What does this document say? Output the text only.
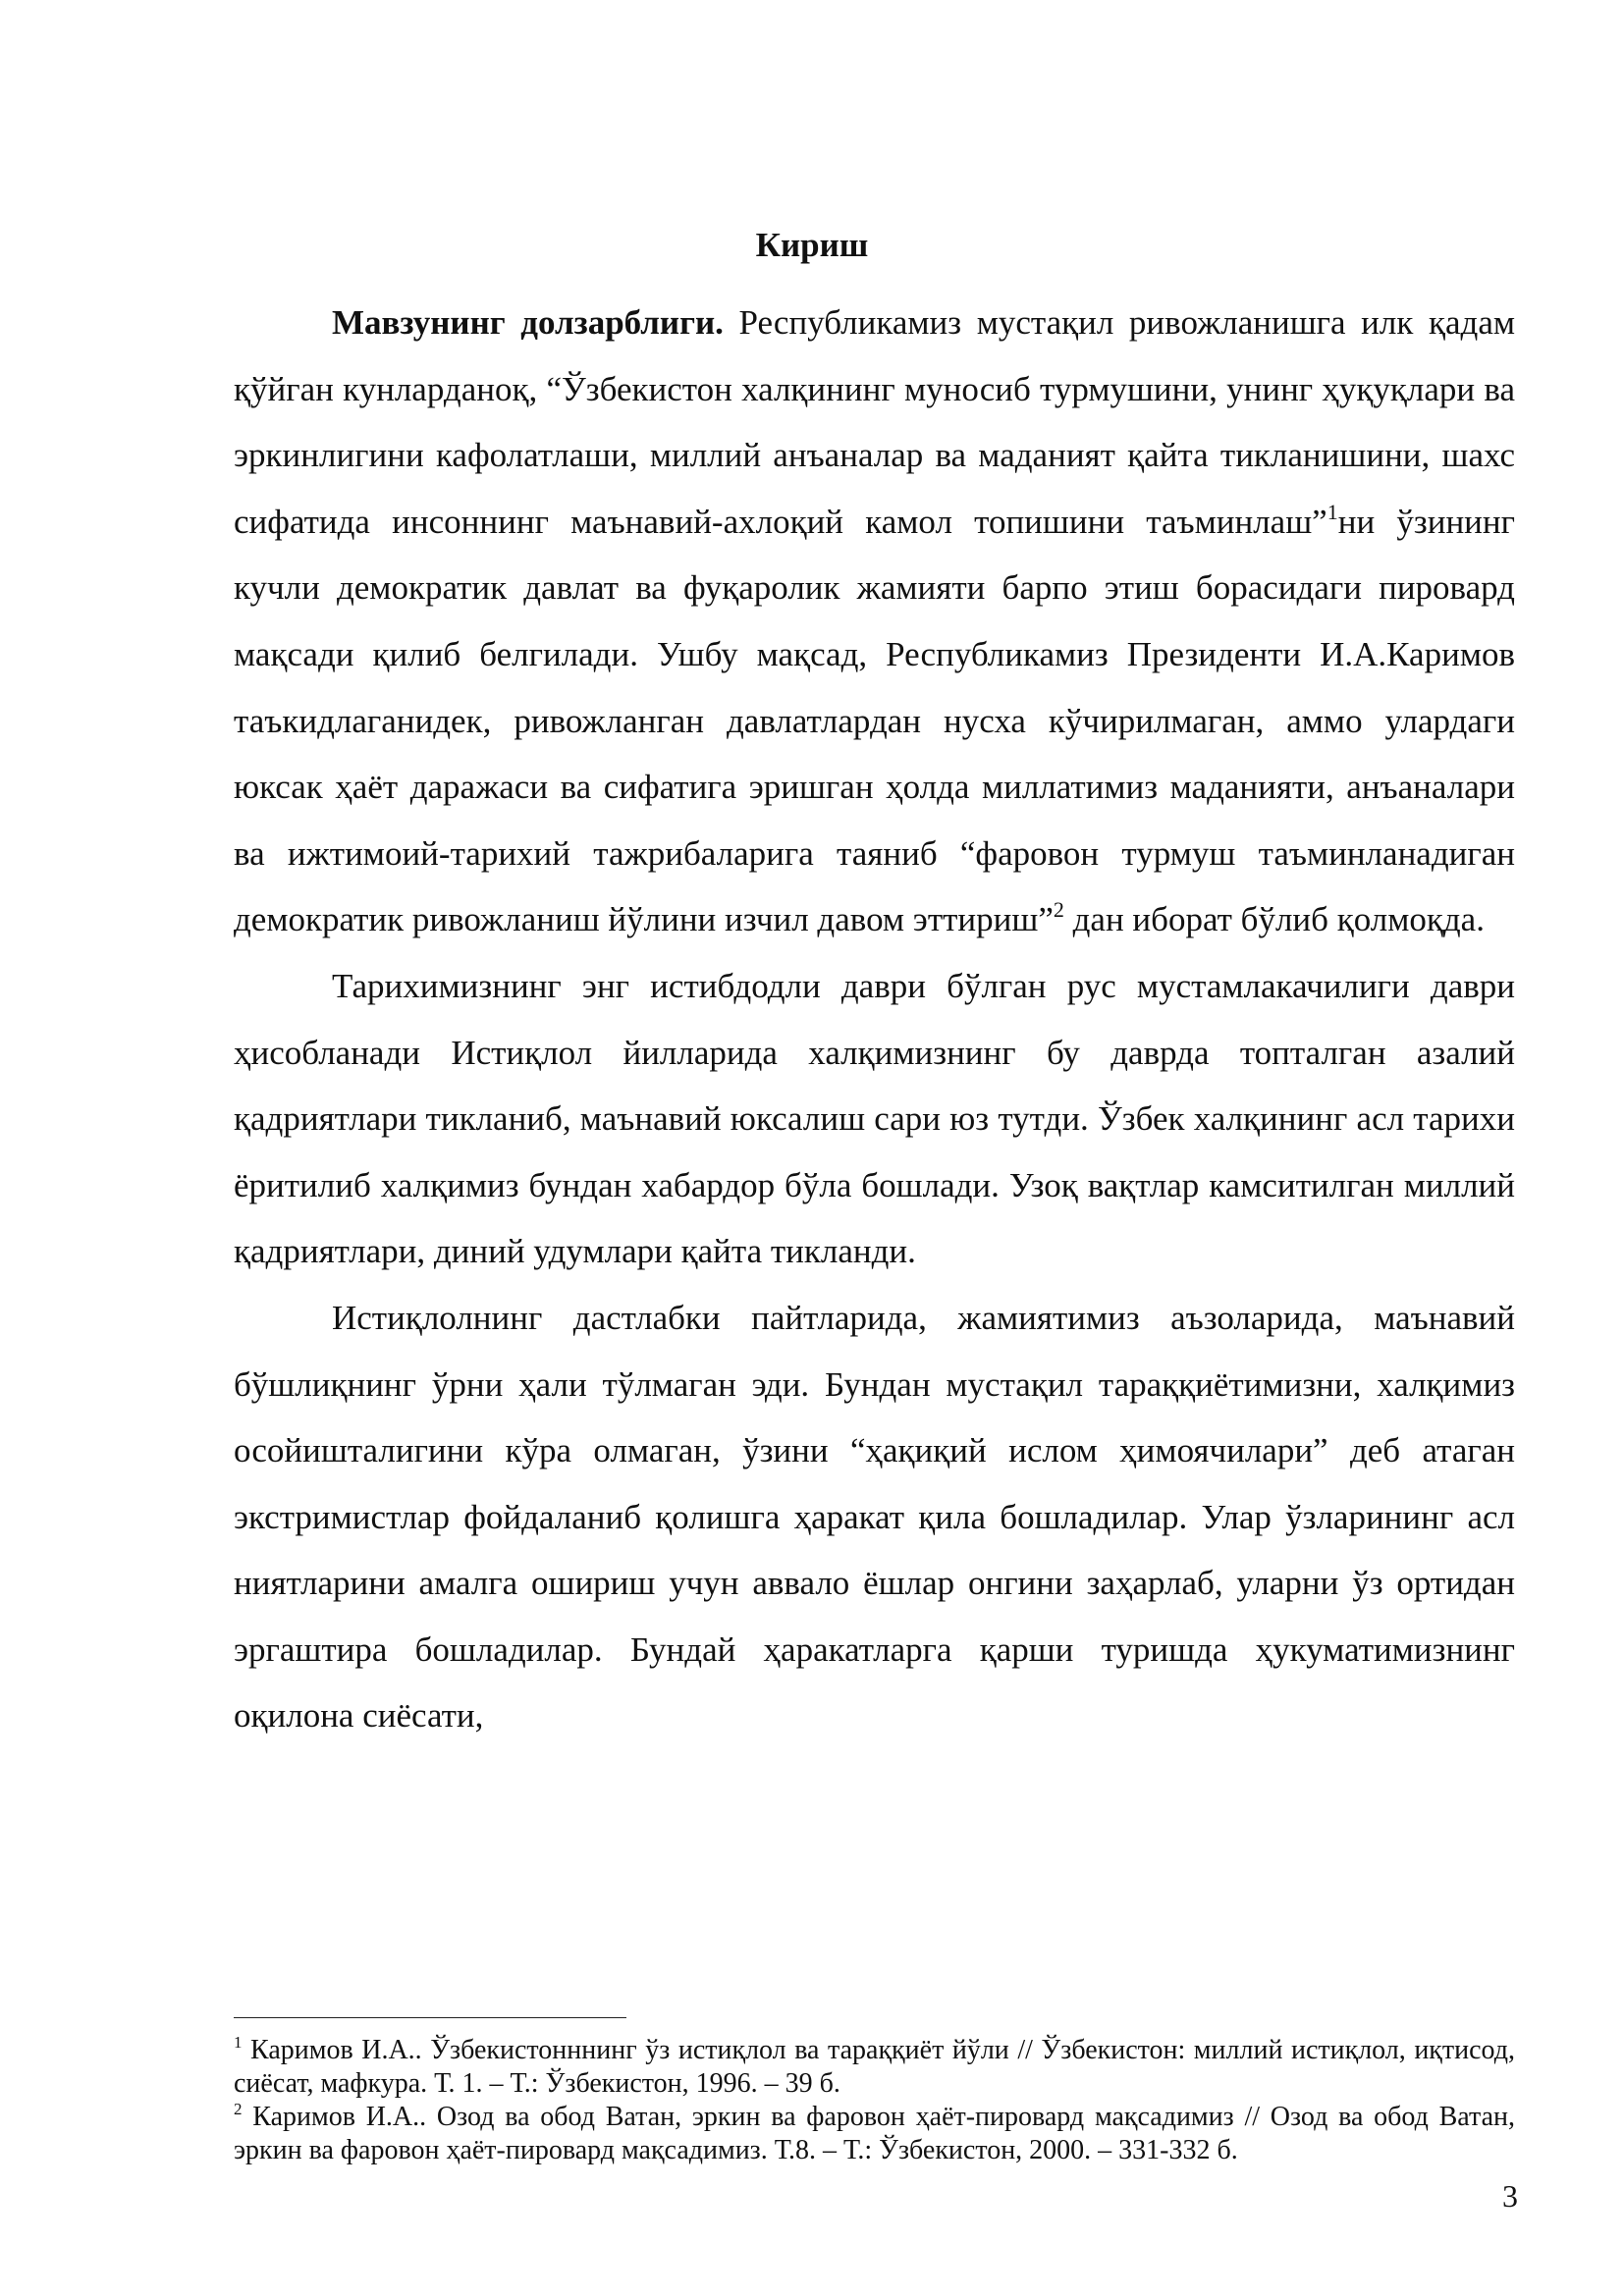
Кириш

Мавзунинг долзарблиги. Республикамиз мустақил ривожланишга илк қадам қўйган кунларданоқ, “Ўзбекистон халқининг муносиб турмушини, унинг ҳуқуқлари ва эркинлигини кафолатлаши, миллий анъаналар ва маданият қайта тикланишини, шахс сифатида инсоннинг маънавий-ахлоқий камол топишини таъминлаш”$^1$ни ўзининг кучли демократик давлат ва фуқаролик жамияти барпо этиш борасидаги пировард мақсади қилиб белгилади. Ушбу мақсад, Республикамиз Президенти И.А.Каримов таъкидлаганидек, ривожланган давлатлардан нусха кўчирилмаган, аммо улардаги юксак ҳаёт даражаси ва сифатига эришган ҳолда миллатимиз маданияти, анъаналари ва ижтимоий-тарихий тажрибаларига таяниб “фаровон турмуш таъминланадиган демократик ривожланиш йўлини изчил давом эттириш”$^2$ дан иборат бўлиб қолмоқда.

Тарихимизнинг энг истибдодли даври бўлган рус мустамлакачилиги даври ҳисобланади Истиқлол йилларида халқимизнинг бу даврда топталган азалий қадриятлари тикланиб, маънавий юксалиш сари юз тутди. Ўзбек халқининг асл тарихи ёритилиб халқимиз бундан хабардор бўла бошлади. Узоқ вақтлар камситилган миллий қадриятлари, диний удумлари қайта тикланди.

Истиқлолнинг дастлабки пайтларида, жамиятимиз аъзоларида, маънавий бўшлиқнинг ўрни ҳали тўлмаган эди. Бундан мустақил тараққиётимизни, халқимиз осойишталигини кўра олмаган, ўзини “ҳақиқий ислом ҳимоячилари” деб атаган экстримистлар фойдаланиб қолишга ҳаракат қила бошладилар. Улар ўзларининг асл ниятларини амалга ошириш учун аввало ёшлар онгини заҳарлаб, уларни ўз ортидан эргаштира бошладилар. Бундай ҳаракатларга қарши туришда ҳукуматимизнинг оқилона сиёсати,

$^1$ Каримов И.А.. Ўзбекистонннинг ўз истиқлол ва тараққиёт йўли // Ўзбекистон: миллий истиқлол, иқтисод, сиёсат, мафкура. Т. 1. – Т.: Ўзбекистон, 1996. – 39 б.

$^2$ Каримов И.А.. Озод ва обод Ватан, эркин ва фаровон ҳаёт-пировард мақсадимиз // Озод ва обод Ватан, эркин ва фаровон ҳаёт-пировард мақсадимиз. Т.8. – Т.: Ўзбекистон, 2000. – 331-332 б.

3
